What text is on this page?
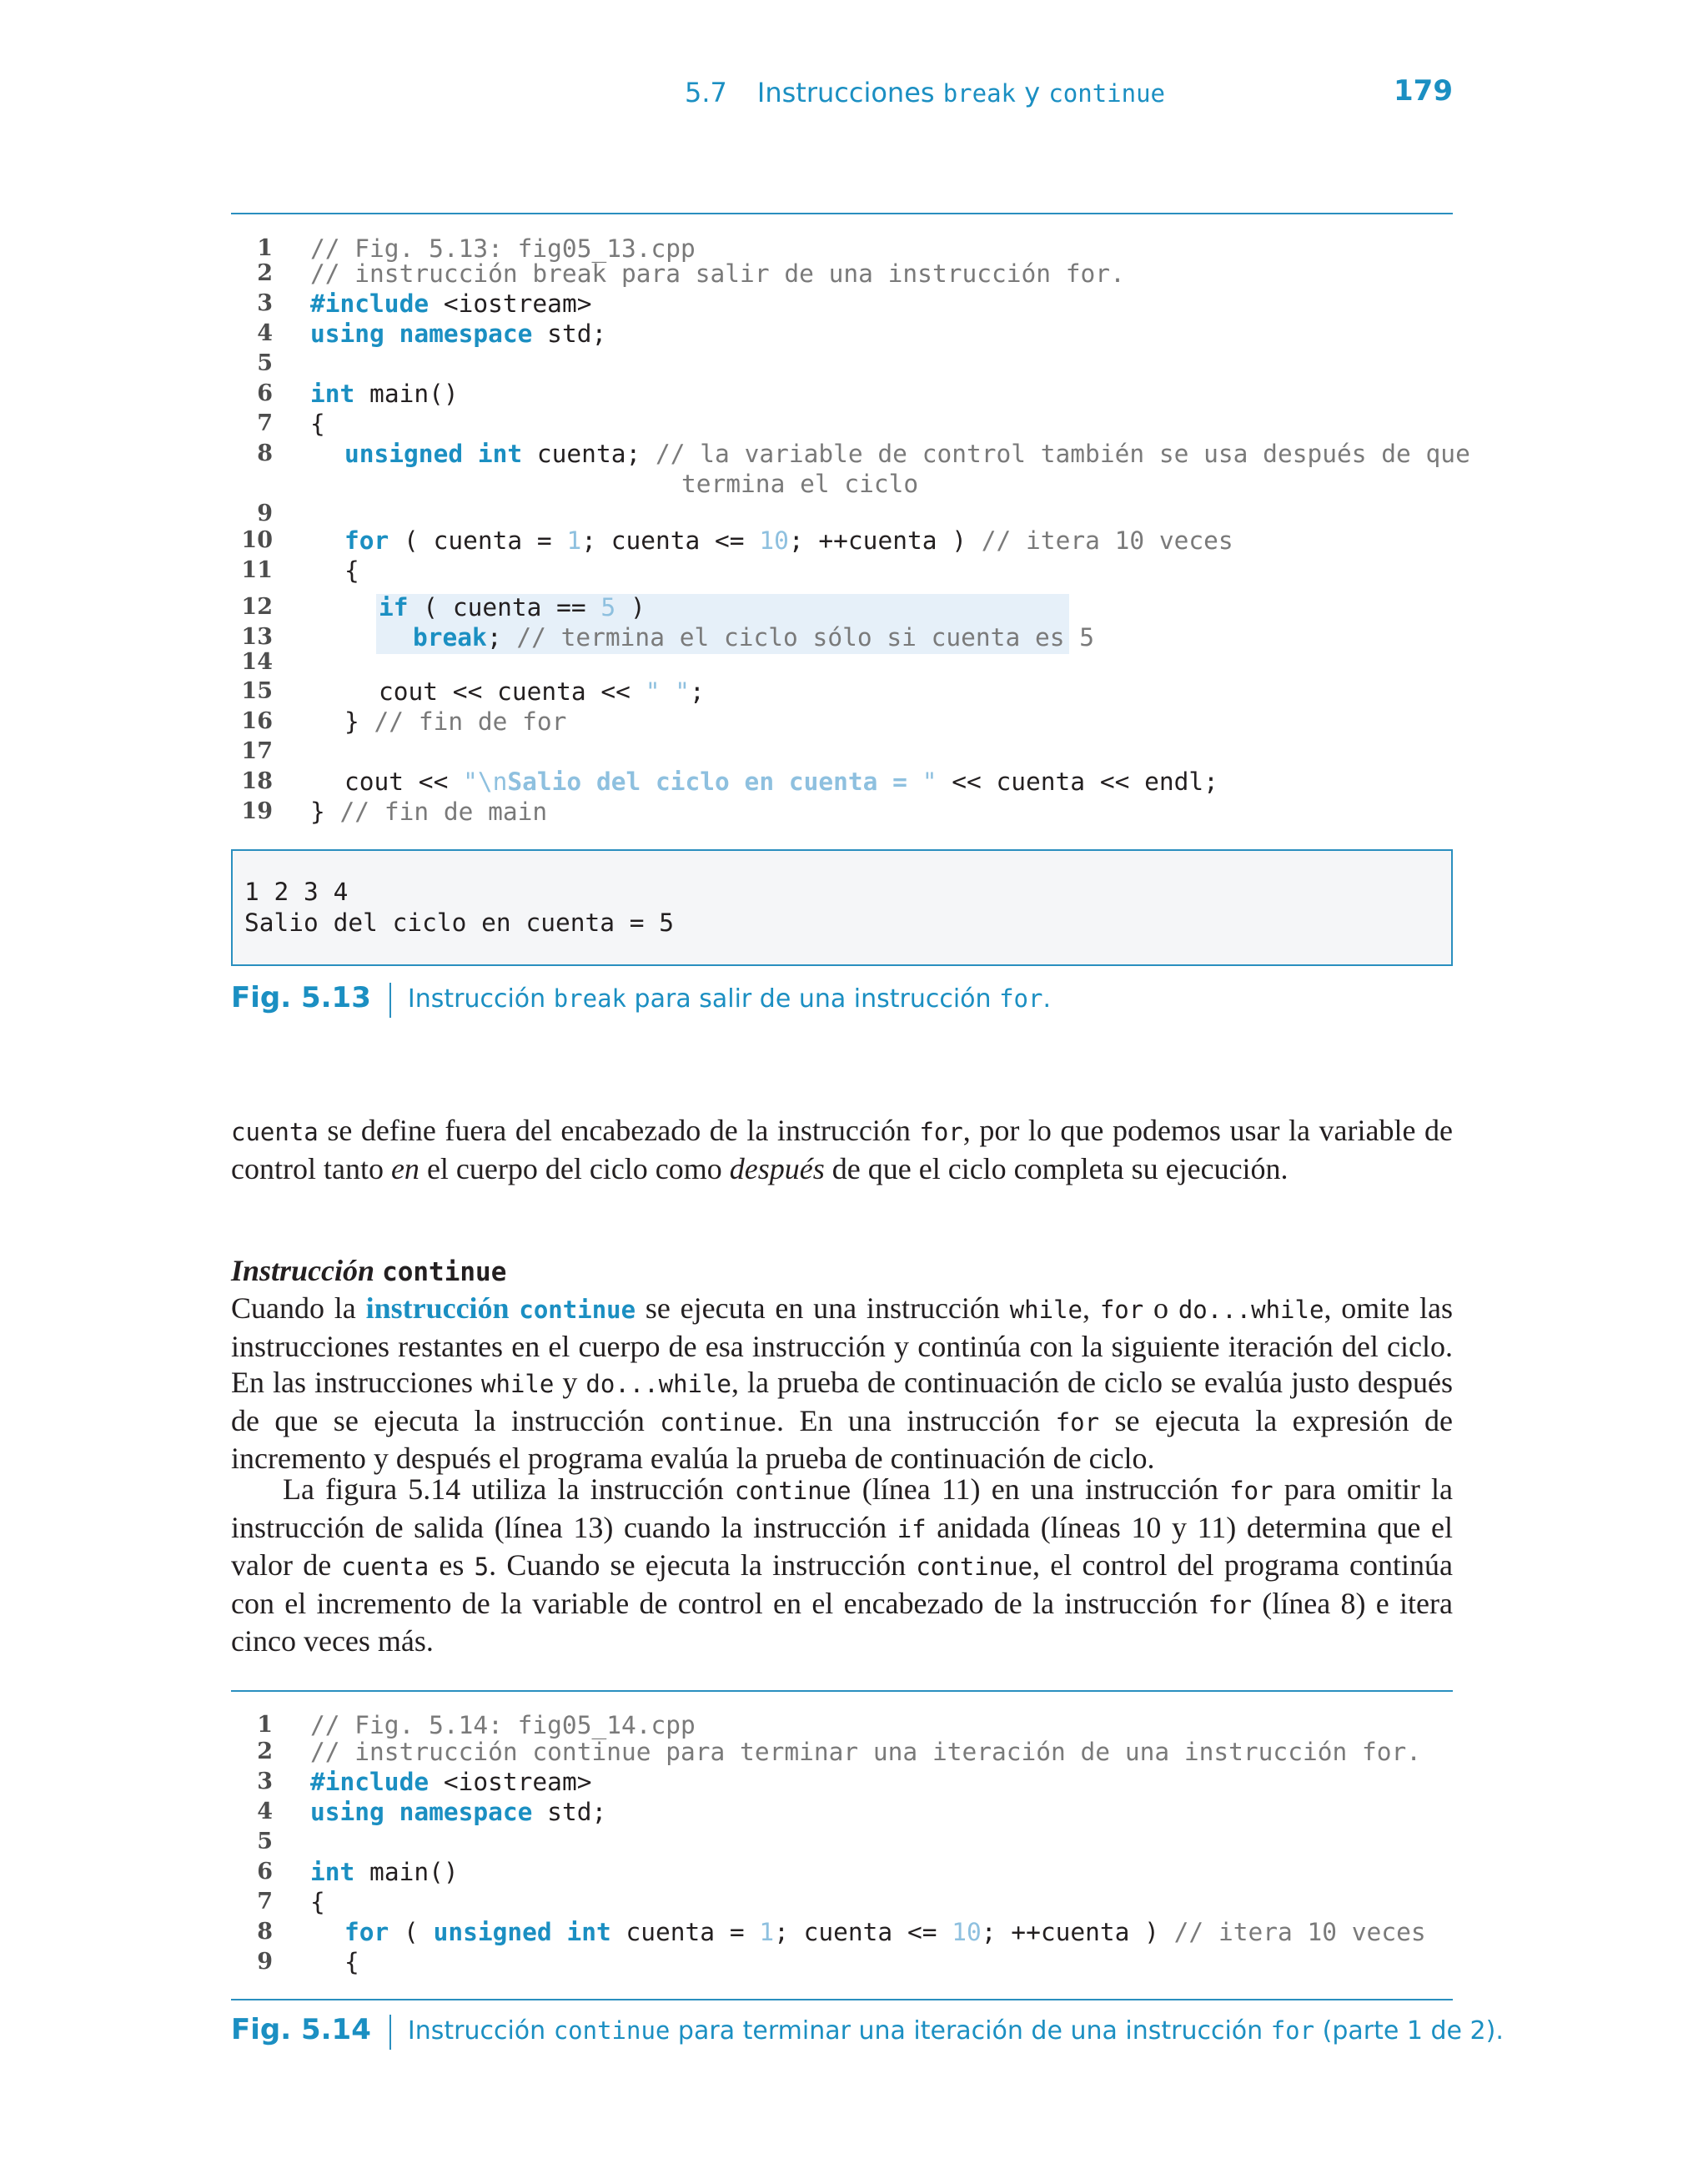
5.7 Instrucciones break y continue	179
1 // Fig. 5.13: fig05_13.cpp
2 // instrucción break para salir de una instrucción for.
3 #include <iostream>
4 using namespace std;
5
6 int main()
7 {
8	unsigned int cuenta; // la variable de control también se usa después de que
termina el ciclo
9
10	for ( cuenta = 1; cuenta <= 10; ++cuenta ) // itera 10 veces
11	{
12	if ( cuenta == 5 )
13	break; // termina el ciclo sólo si cuenta es 5
14
15	cout << cuenta << " ";
16	} // fin de for
17
18	cout << "\nSalio del ciclo en cuenta = " << cuenta << endl;
19 } // fin de main
1 2 3 4
Salio del ciclo en cuenta = 5
Fig. 5.13 Instrucción break para salir de una instrucción for.
cuenta se define fuera del encabezado de la instrucción for, por lo que podemos usar la variable de control tanto en el cuerpo del ciclo como después de que el ciclo completa su ejecución.
Instrucción continue
Cuando la instrucción continue se ejecuta en una instrucción while, for o do...while, omite las instrucciones restantes en el cuerpo de esa instrucción y continúa con la siguiente iteración del ciclo. En las instrucciones while y do...while, la prueba de continuación de ciclo se evalúa justo después de que se ejecuta la instrucción continue. En una instrucción for se ejecuta la expresión de incremento y después el programa evalúa la prueba de continuación de ciclo.
La figura 5.14 utiliza la instrucción continue (línea 11) en una instrucción for para omitir la instrucción de salida (línea 13) cuando la instrucción if anidada (líneas 10 y 11) determina que el valor de cuenta es 5. Cuando se ejecuta la instrucción continue, el control del programa continúa con el incremento de la variable de control en el encabezado de la instrucción for (línea 8) e itera cinco veces más.
1 // Fig. 5.14: fig05_14.cpp
2 // instrucción continue para terminar una iteración de una instrucción for.
3 #include <iostream>
4 using namespace std;
5
6 int main()
7 {
8	for ( unsigned int cuenta = 1; cuenta <= 10; ++cuenta ) // itera 10 veces
9	{
Fig. 5.14 Instrucción continue para terminar una iteración de una instrucción for (parte 1 de 2).
